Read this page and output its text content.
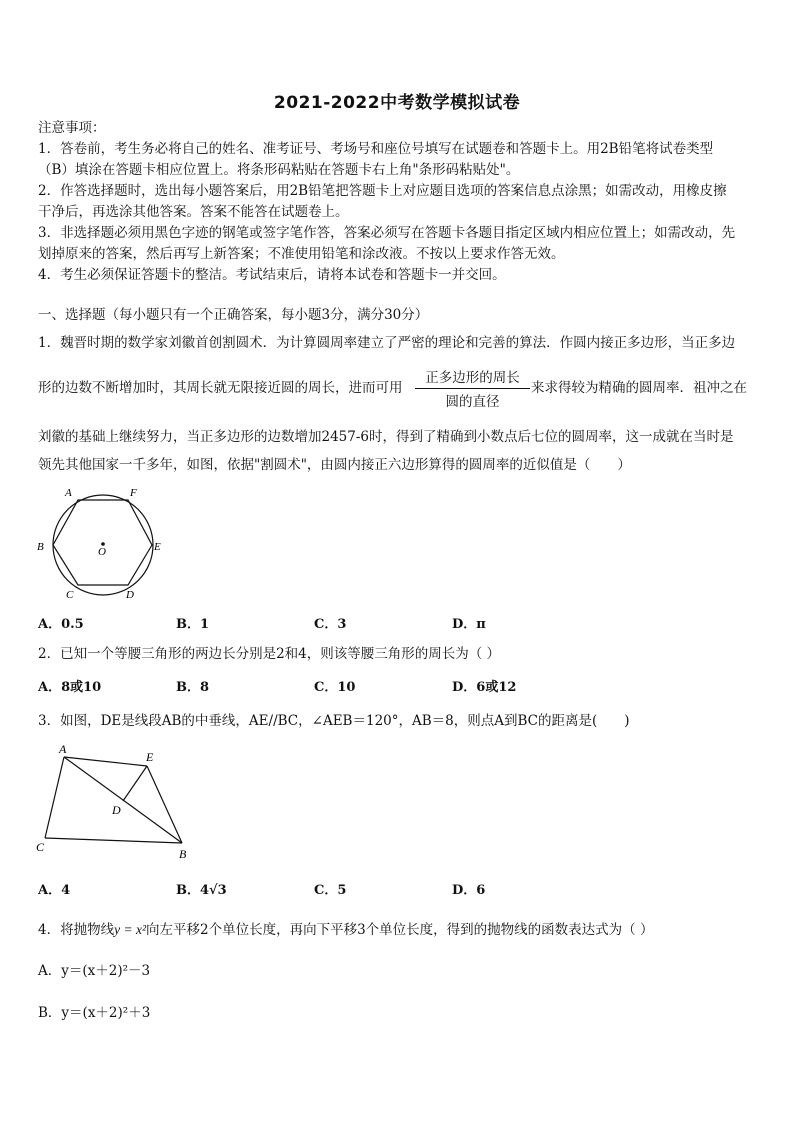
2021-2022中考数学模拟试卷
注意事项：
1．答卷前，考生务必将自己的姓名、准考证号、考场号和座位号填写在试题卷和答题卡上。用2B铅笔将试卷类型
（B）填涂在答题卡相应位置上。将条形码粘贴在答题卡右上角"条形码粘贴处"。
2．作答选择题时，选出每小题答案后，用2B铅笔把答题卡上对应题目选项的答案信息点涂黑；如需改动，用橡皮擦
干净后，再选涂其他答案。答案不能答在试题卷上。
3．非选择题必须用黑色字迹的钢笔或签字笔作答，答案必须写在答题卡各题目指定区域内相应位置上；如需改动，先
划掉原来的答案，然后再写上新答案；不准使用铅笔和涂改液。不按以上要求作答无效。
4．考生必须保证答题卡的整洁。考试结束后，请将本试卷和答题卡一并交回。
一、选择题（每小题只有一个正确答案，每小题3分，满分30分）
1．魏晋时期的数学家刘徽首创割圆术．为计算圆周率建立了严密的理论和完善的算法．作圆内接正多边形，当正多边
形的边数不断增加时，其周长就无限接近圆的周长，进而可用
正多边形的周长
圆的直径
来求得较为精确的圆周率．祖冲之在
刘徽的基础上继续努力，当正多边形的边数增加2457-6时，得到了精确到小数点后七位的圆周率，这一成就在当时是
领先其他国家一千多年，如图，依据"割圆术"，由圆内接正六边形算得的圆周率的近似值是（　　）
A	F
B	O	E
C	D
A．0.5	B．1	C．3	D．π
2．已知一个等腰三角形的两边长分别是2和4，则该等腰三角形的周长为（ ）
A．8或10	B．8	C．10	D．6或12
3．如图，DE是线段AB的中垂线，AE//BC，∠AEB＝120°，AB＝8，则点A到BC的距离是(　　)
A
E
D
C	B
A．4	B．4√3	C．5	D．6
4．将抛物线y = x²向左平移2个单位长度，再向下平移3个单位长度，得到的抛物线的函数表达式为（ ）
A．y＝(x＋2)²－3
B．y＝(x＋2)²＋3
